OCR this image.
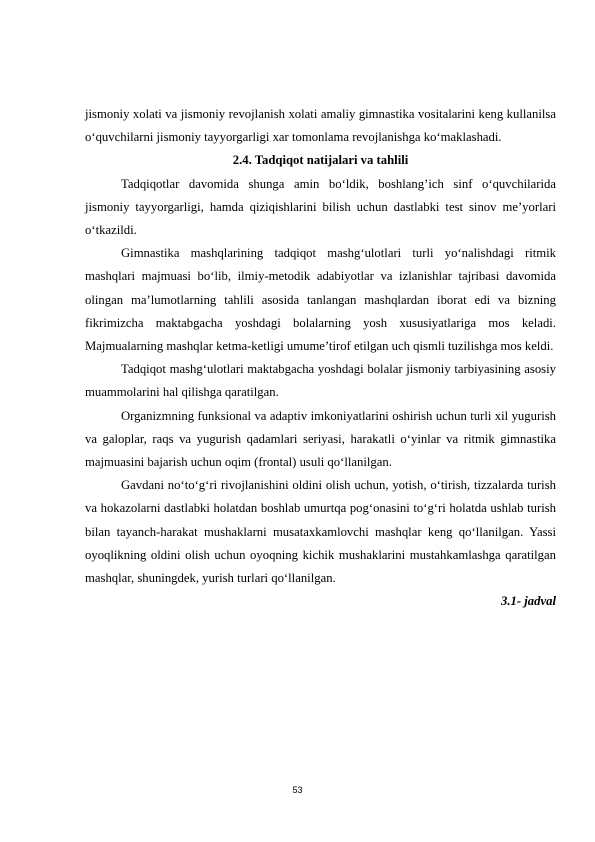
jismoniy xolati va jismoniy revojlanish xolati amaliy gimnastika vositalarini keng kullanilsa o‘quvchilarni jismoniy tayyorgarligi xar tomonlama revojlanishga ko‘maklashadi.

2.4. Tadqiqot natijalari va tahlili

Tadqiqotlar davomida shunga amin bo‘ldik, boshlang’ich sinf o‘quvchilarida jismoniy tayyorgarligi, hamda qiziqishlarini bilish uchun dastlabki test sinov me’yorlari o‘tkazildi.

Gimnastika mashqlarining tadqiqot mashg‘ulotlari turli yo‘nalishdagi ritmik mashqlari majmuasi bo‘lib, ilmiy-metodik adabiyotlar va izlanishlar tajribasi davomida olingan ma’lumotlarning tahlili asosida tanlangan mashqlardan iborat edi va bizning fikrimizcha maktabgacha yoshdagi bolalarning yosh xususiyatlariga mos keladi. Majmualarning mashqlar ketma-ketligi umume’tirof etilgan uch qismli tuzilishga mos keldi.

Tadqiqot mashg‘ulotlari maktabgacha yoshdagi bolalar jismoniy tarbiyasining asosiy muammolarini hal qilishga qaratilgan.

Organizmning funksional va adaptiv imkoniyatlarini oshirish uchun turli xil yugurish va galoplar, raqs va yugurish qadamlari seriyasi, harakatli o‘yinlar va ritmik gimnastika majmuasini bajarish uchun oqim (frontal) usuli qo‘llanilgan.

Gavdani no‘to‘g‘ri rivojlanishini oldini olish uchun, yotish, o‘tirish, tizzalarda turish va hokazolarni dastlabki holatdan boshlab umurtqa pog‘onasini to‘g‘ri holatda ushlab turish bilan tayanch-harakat mushaklarni musataxkamlovchi mashqlar keng qo‘llanilgan. Yassi oyoqlikning oldini olish uchun oyoqning kichik mushaklarini mustahkamlashga qaratilgan mashqlar, shuningdek, yurish turlari qo‘llanilgan.

3.1- jadval

53
